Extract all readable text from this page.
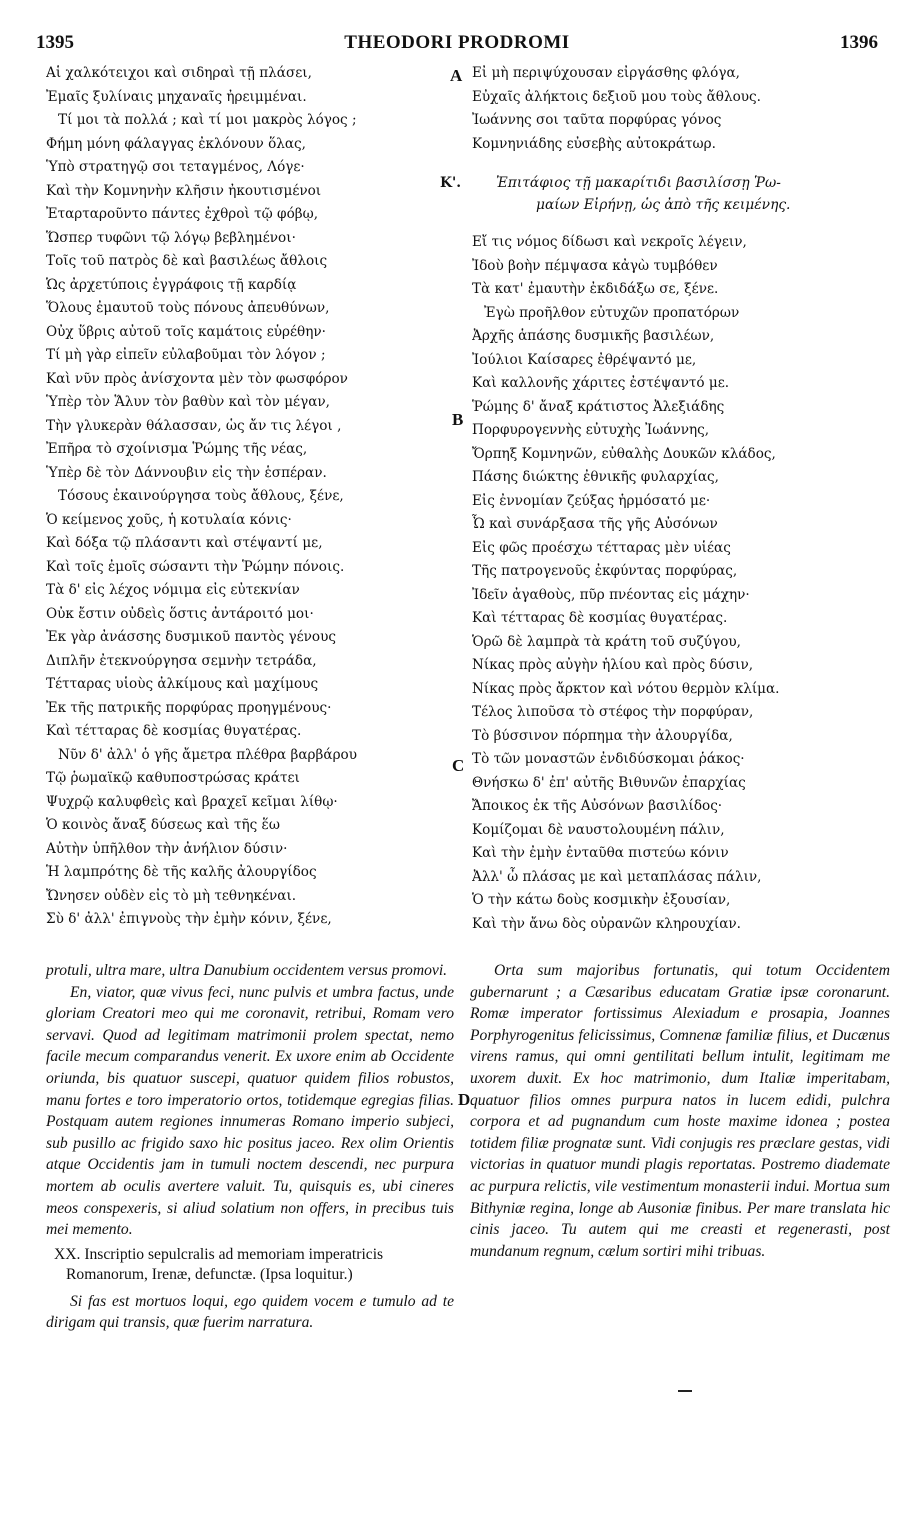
1395	THEODORI PRODROMI	1396
A
B
C
D
Αἱ χαλκότειχοι καὶ σιδηραὶ τῇ πλάσει,
Ἐμαῖς ξυλίναις μηχαναῖς ἠρειμμέναι.
Τί μοι τὰ πολλά ; καὶ τί μοι μακρὸς λόγος ;
Φήμη μόνη φάλαγγας ἐκλόνουν ὅλας,
Ὑπὸ στρατηγῷ σοι τεταγμένος, Λόγε·
Καὶ τὴν Κομνηνὴν κλῆσιν ἠκουτισμένοι
Ἐταρταροῦντο πάντες ἐχθροὶ τῷ φόβῳ,
Ὥσπερ τυφῶνι τῷ λόγῳ βεβλημένοι·
Τοῖς τοῦ πατρὸς δὲ καὶ βασιλέως ἄθλοις
Ὡς ἀρχετύποις ἐγγράφοις τῇ καρδίᾳ
Ὅλους ἐμαυτοῦ τοὺς πόνους ἀπευθύνων,
Οὐχ ὕβρις αὐτοῦ τοῖς καμάτοις εὑρέθην·
Τί μὴ γὰρ εἰπεῖν εὐλαβοῦμαι τὸν λόγον ;
Καὶ νῦν πρὸς ἀνίσχοντα μὲν τὸν φωσφόρον
Ὑπὲρ τὸν Ἅλυν τὸν βαθὺν καὶ τὸν μέγαν,
Τὴν γλυκερὰν θάλασσαν, ὡς ἄν τις λέγοι ,
Ἐπῆρα τὸ σχοίνισμα Ῥώμης τῆς νέας,
Ὑπὲρ δὲ τὸν Δάννουβιν εἰς τὴν ἑσπέραν.
Τόσους ἐκαινούργησα τοὺς ἄθλους, ξένε,
Ὁ κείμενος χοῦς, ἡ κοτυλαία κόνις·
Καὶ δόξα τῷ πλάσαντι καὶ στέψαντί με,
Καὶ τοῖς ἐμοῖς σώσαντι τὴν Ῥώμην πόνοις.
Τὰ δ' εἰς λέχος νόμιμα εἰς εὐτεκνίαν
Οὐκ ἔστιν οὐδεὶς ὅστις ἀντάροιτό μοι·
Ἐκ γὰρ ἀνάσσης δυσμικοῦ παντὸς γένους
Διπλῆν ἐτεκνούργησα σεμνὴν τετράδα,
Τέτταρας υἱοὺς ἀλκίμους καὶ μαχίμους
Ἐκ τῆς πατρικῆς πορφύρας προηγμένους·
Καὶ τέτταρας δὲ κοσμίας θυγατέρας.
Νῦν δ' ἀλλ' ὁ γῆς ἄμετρα πλέθρα βαρβάρου
Τῷ ῥωμαϊκῷ καθυποστρώσας κράτει
Ψυχρῷ καλυφθεὶς καὶ βραχεῖ κεῖμαι λίθῳ·
Ὁ κοινὸς ἄναξ δύσεως καὶ τῆς ἕω
Αὐτὴν ὑπῆλθον τὴν ἀνήλιον δύσιν·
Ἡ λαμπρότης δὲ τῆς καλῆς ἀλουργίδος
Ὤνησεν οὐδὲν εἰς τὸ μὴ τεθνηκέναι.
Σὺ δ' ἀλλ' ἐπιγνοὺς τὴν ἐμὴν κόνιν, ξένε,
Εἰ μὴ περιψύχουσαν εἰργάσθης φλόγα,
Εὐχαῖς ἀλήκτοις δεξιοῦ μου τοὺς ἄθλους.
Ἰωάννης σοι ταῦτα πορφύρας γόνος
Κομνηνιάδης εὐσεβὴς αὐτοκράτωρ.
Κ'.	Ἐπιτάφιος τῇ μακαρίτιδι βασιλίσσῃ Ῥω-
μαίων Εἰρήνῃ, ὡς ἀπὸ τῆς κειμένης.
Εἴ τις νόμος δίδωσι καὶ νεκροῖς λέγειν,
Ἰδοὺ βοὴν πέμψασα κἀγὼ τυμβόθεν
Τὰ κατ' ἐμαυτὴν ἐκδιδάξω σε, ξένε.
Ἐγὼ προῆλθον εὐτυχῶν προπατόρων
Ἀρχῆς ἁπάσης δυσμικῆς βασιλέων,
Ἰούλιοι Καίσαρες ἐθρέψαντό με,
Καὶ καλλονῆς χάριτες ἐστέψαντό με.
Ῥώμης δ' ἄναξ κράτιστος Ἀλεξιάδης
Πορφυρογεννὴς εὐτυχὴς Ἰωάννης,
Ὄρπηξ Κομνηνῶν, εὐθαλὴς Δουκῶν κλάδος,
Πάσης διώκτης ἐθνικῆς φυλαρχίας,
Εἰς ἐννομίαν ζεύξας ἡρμόσατό με·
Ὦ καὶ συνάρξασα τῆς γῆς Αὐσόνων
Εἰς φῶς προέσχω τέτταρας μὲν υἱέας
Τῆς πατρογενοῦς ἐκφύντας πορφύρας,
Ἰδεῖν ἀγαθοὺς, πῦρ πνέοντας εἰς μάχην·
Καὶ τέτταρας δὲ κοσμίας θυγατέρας.
Ὁρῶ δὲ λαμπρὰ τὰ κράτη τοῦ συζύγου,
Νίκας πρὸς αὐγὴν ἡλίου καὶ πρὸς δύσιν,
Νίκας πρὸς ἄρκτον καὶ νότου θερμὸν κλίμα.
Τέλος λιποῦσα τὸ στέφος τὴν πορφύραν,
Τὸ βύσσινον πόρπημα τὴν ἀλουργίδα,
Τὸ τῶν μοναστῶν ἐνδιδύσκομαι ῥάκος·
Θνήσκω δ' ἐπ' αὐτῆς Βιθυνῶν ἐπαρχίας
Ἄποικος ἐκ τῆς Αὐσόνων βασιλίδος·
Κομίζομαι δὲ ναυστολουμένη πάλιν,
Καὶ τὴν ἐμὴν ἐνταῦθα πιστεύω κόνιν
Ἀλλ' ὦ πλάσας με καὶ μεταπλάσας πάλιν,
Ὁ τὴν κάτω δοὺς κοσμικὴν ἐξουσίαν,
Καὶ τὴν ἄνω δὸς οὐρανῶν κληρουχίαν.

protuli, ultra mare, ultra Danubium occidentem versus promovi.

En, viator, quæ vivus feci, nunc pulvis et umbra factus, unde gloriam Creatori meo qui me coronavit, retribui, Romam vero servavi. Quod ad legitimam matrimonii prolem spectat, nemo facile mecum comparandus venerit. Ex uxore enim ab Occidente oriunda, bis quatuor suscepi, quatuor quidem filios robustos, manu fortes e toro imperatorio ortos, totidemque egregias filias. Postquam autem regiones innumeras Romano imperio subjeci, sub pusillo ac frigido saxo hic positus jaceo. Rex olim Orientis atque Occidentis jam in tumuli noctem descendi, nec purpura mortem ab oculis avertere valuit. Tu, quisquis es, ubi cineres meos conspexeris, si aliud solatium non offers, in precibus tuis mei memento.

XX. Inscriptio sepulcralis ad memoriam imperatricis Romanorum, Irenæ, defunctæ. (Ipsa loquitur.)

Si fas est mortuos loqui, ego quidem vocem e tumulo ad te dirigam qui transis, quæ fuerim narratura.

Orta sum majoribus fortunatis, qui totum Occidentem gubernarunt ; a Cæsaribus educatam Gratiæ ipsæ coronarunt. Romæ imperator fortissimus Alexiadum e prosapia, Joannes Porphyrogenitus felicissimus, Comnenæ familiæ filius, et Ducænus virens ramus, qui omni gentilitati bellum intulit, legitimam me uxorem duxit. Ex hoc matrimonio, dum Italiæ imperitabam, quatuor filios omnes purpura natos in lucem edidi, pulchra corpora et ad pugnandum cum hoste maxime idonea ; postea totidem filiæ prognatæ sunt. Vidi conjugis res præclare gestas, vidi victorias in quatuor mundi plagis reportatas. Postremo diademate ac purpura relictis, vile vestimentum monasterii indui. Mortua sum Bithyniæ regina, longe ab Ausoniæ finibus. Per mare translata hic cinis jaceo. Tu autem qui me creasti et regenerasti, post mundanum regnum, cælum sortiri mihi tribuas.
